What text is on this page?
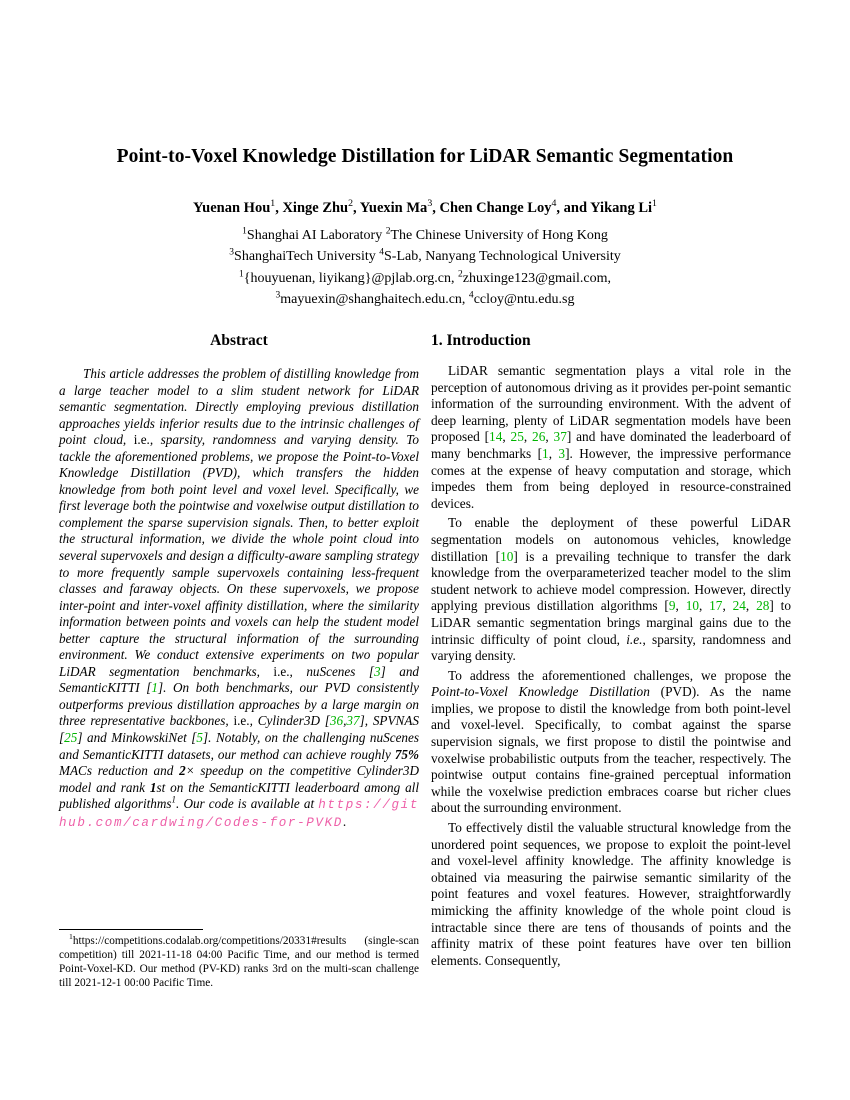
Point-to-Voxel Knowledge Distillation for LiDAR Semantic Segmentation
Yuenan Hou$^1$, Xinge Zhu$^2$, Yuexin Ma$^3$, Chen Change Loy$^4$, and Yikang Li$^1$
$^1$Shanghai AI Laboratory $^2$The Chinese University of Hong Kong
$^3$ShanghaiTech University $^4$S-Lab, Nanyang Technological University
$^1${houyuenan, liyikang}@pjlab.org.cn, $^2$zhuxinge123@gmail.com,
$^3$mayuexin@shanghaitech.edu.cn, $^4$ccloy@ntu.edu.sg
Abstract

This article addresses the problem of distilling knowledge from a large teacher model to a slim student network for LiDAR semantic segmentation. Directly employing previous distillation approaches yields inferior results due to the intrinsic challenges of point cloud, i.e., sparsity, randomness and varying density. To tackle the aforementioned problems, we propose the Point-to-Voxel Knowledge Distillation (PVD), which transfers the hidden knowledge from both point level and voxel level. Specifically, we first leverage both the pointwise and voxelwise output distillation to complement the sparse supervision signals. Then, to better exploit the structural information, we divide the whole point cloud into several supervoxels and design a difficulty-aware sampling strategy to more frequently sample supervoxels containing less-frequent classes and faraway objects. On these supervoxels, we propose inter-point and inter-voxel affinity distillation, where the similarity information between points and voxels can help the student model better capture the structural information of the surrounding environment. We conduct extensive experiments on two popular LiDAR segmentation benchmarks, i.e., nuScenes [3] and SemanticKITTI [1]. On both benchmarks, our PVD consistently outperforms previous distillation approaches by a large margin on three representative backbones, i.e., Cylinder3D [36,37], SPVNAS [25] and MinkowskiNet [5]. Notably, on the challenging nuScenes and SemanticKITTI datasets, our method can achieve roughly 75% MACs reduction and 2× speedup on the competitive Cylinder3D model and rank 1st on the SemanticKITTI leaderboard among all published algorithms$^1$. Our code is available at https://github.com/cardwing/Codes-for-PVKD.

1. Introduction

LiDAR semantic segmentation plays a vital role in the perception of autonomous driving as it provides per-point semantic information of the surrounding environment. With the advent of deep learning, plenty of LiDAR segmentation models have been proposed [14, 25, 26, 37] and have dominated the leaderboard of many benchmarks [1, 3]. However, the impressive performance comes at the expense of heavy computation and storage, which impedes them from being deployed in resource-constrained devices.

To enable the deployment of these powerful LiDAR segmentation models on autonomous vehicles, knowledge distillation [10] is a prevailing technique to transfer the dark knowledge from the overparameterized teacher model to the slim student network to achieve model compression. However, directly applying previous distillation algorithms [9, 10, 17, 24, 28] to LiDAR semantic segmentation brings marginal gains due to the intrinsic difficulty of point cloud, i.e., sparsity, randomness and varying density.

To address the aforementioned challenges, we propose the Point-to-Voxel Knowledge Distillation (PVD). As the name implies, we propose to distil the knowledge from both point-level and voxel-level. Specifically, to combat against the sparse supervision signals, we first propose to distil the pointwise and voxelwise probabilistic outputs from the teacher, respectively. The pointwise output contains fine-grained perceptual information while the voxelwise prediction embraces coarse but richer clues about the surrounding environment.

To effectively distil the valuable structural knowledge from the unordered point sequences, we propose to exploit the point-level and voxel-level affinity knowledge. The affinity knowledge is obtained via measuring the pairwise semantic similarity of the point features and voxel features. However, straightforwardly mimicking the affinity knowledge of the whole point cloud is intractable since there are tens of thousands of points and the affinity matrix of these point features have over ten billion elements. Consequently,

$^1$https://competitions.codalab.org/competitions/20331#results (single-scan competition) till 2021-11-18 04:00 Pacific Time, and our method is termed Point-Voxel-KD. Our method (PV-KD) ranks 3rd on the multi-scan challenge till 2021-12-1 00:00 Pacific Time.
